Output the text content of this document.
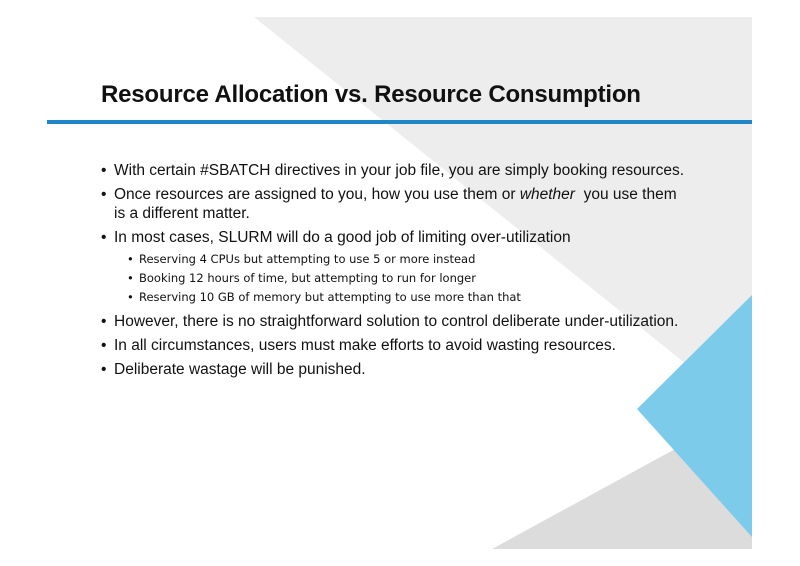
Resource Allocation vs. Resource Consumption
• With certain #SBATCH directives in your job file, you are simply booking resources.
• Once resources are assigned to you, how you use them or whether  you use them is a different matter.
• In most cases, SLURM will do a good job of limiting over-utilization
• Reserving 4 CPUs but attempting to use 5 or more instead
• Booking 12 hours of time, but attempting to run for longer
• Reserving 10 GB of memory but attempting to use more than that
• However, there is no straightforward solution to control deliberate under-utilization.
• In all circumstances, users must make efforts to avoid wasting resources.
• Deliberate wastage will be punished.
